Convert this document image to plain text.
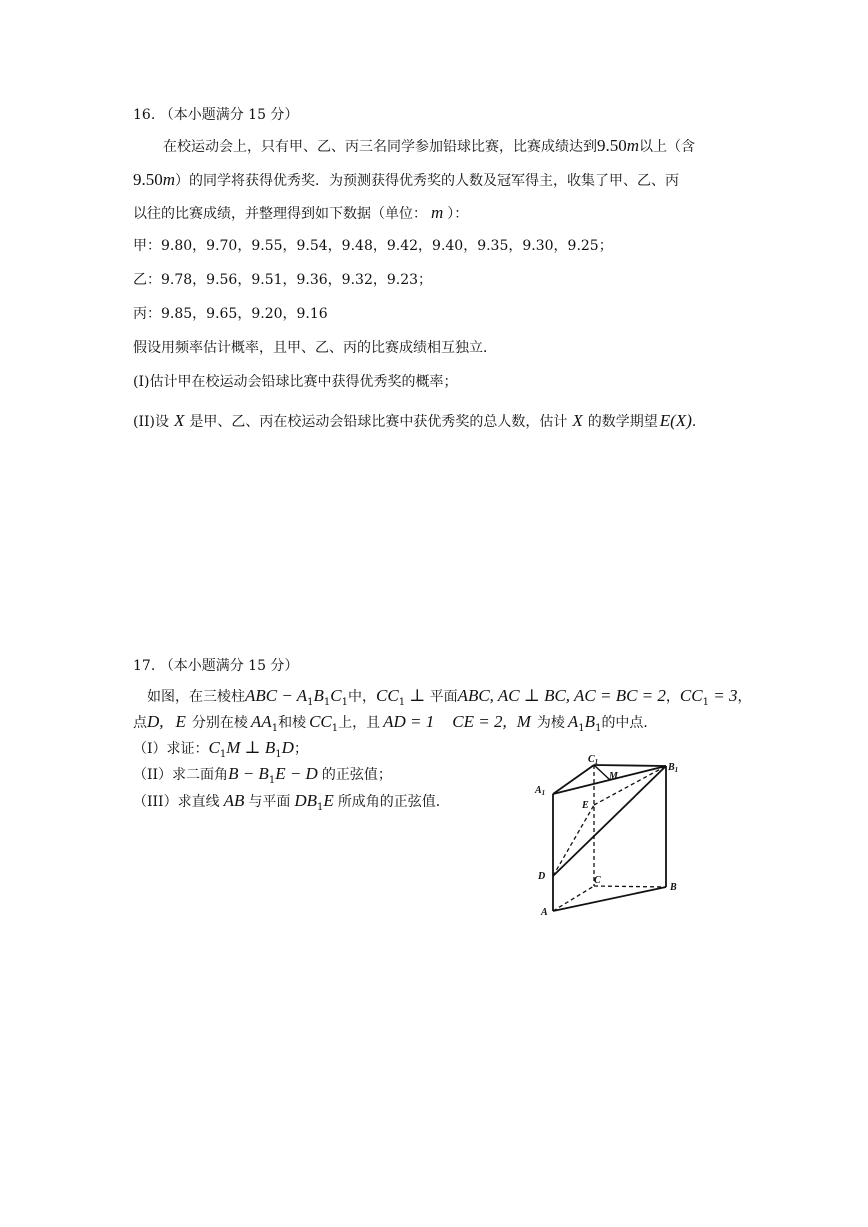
16. （本小题满分 15 分）
在校运动会上，只有甲、乙、丙三名同学参加铅球比赛，比赛成绩达到9.50m以上（含
9.50m）的同学将获得优秀奖．为预测获得优秀奖的人数及冠军得主，收集了甲、乙、丙
以往的比赛成绩，并整理得到如下数据（单位： m ）：
甲：9.80，9.70，9.55，9.54，9.48，9.42，9.40，9.35，9.30，9.25；
乙：9.78，9.56，9.51，9.36，9.32，9.23；
丙：9.85，9.65，9.20，9.16
假设用频率估计概率，且甲、乙、丙的比赛成绩相互独立．
(I)估计甲在校运动会铅球比赛中获得优秀奖的概率；
(II)设 X 是甲、乙、丙在校运动会铅球比赛中获优秀奖的总人数，估计 X 的数学期望 E(X)．
17. （本小题满分 15 分）
如图，在三棱柱ABC − $A_1B_1C_1$中，$CC_1$ ⊥ 平面ABC, AC ⊥ BC, AC = BC = 2，$CC_1 = 3$，
点D, E 分别在棱 $AA_1$和棱 $CC_1$上，且 AD = 1 CE = 2, M 为棱 $A_1B_1$的中点．
（I）求证：$C_1M$ ⊥ $B_1D$；
（II）求二面角$B - B_1E - D$ 的正弦值；
（III）求直线 AB 与平面 $DB_1E$ 所成角的正弦值．
$A_1$
$C_1$	$B_1$
M
E
D	C
B
A
